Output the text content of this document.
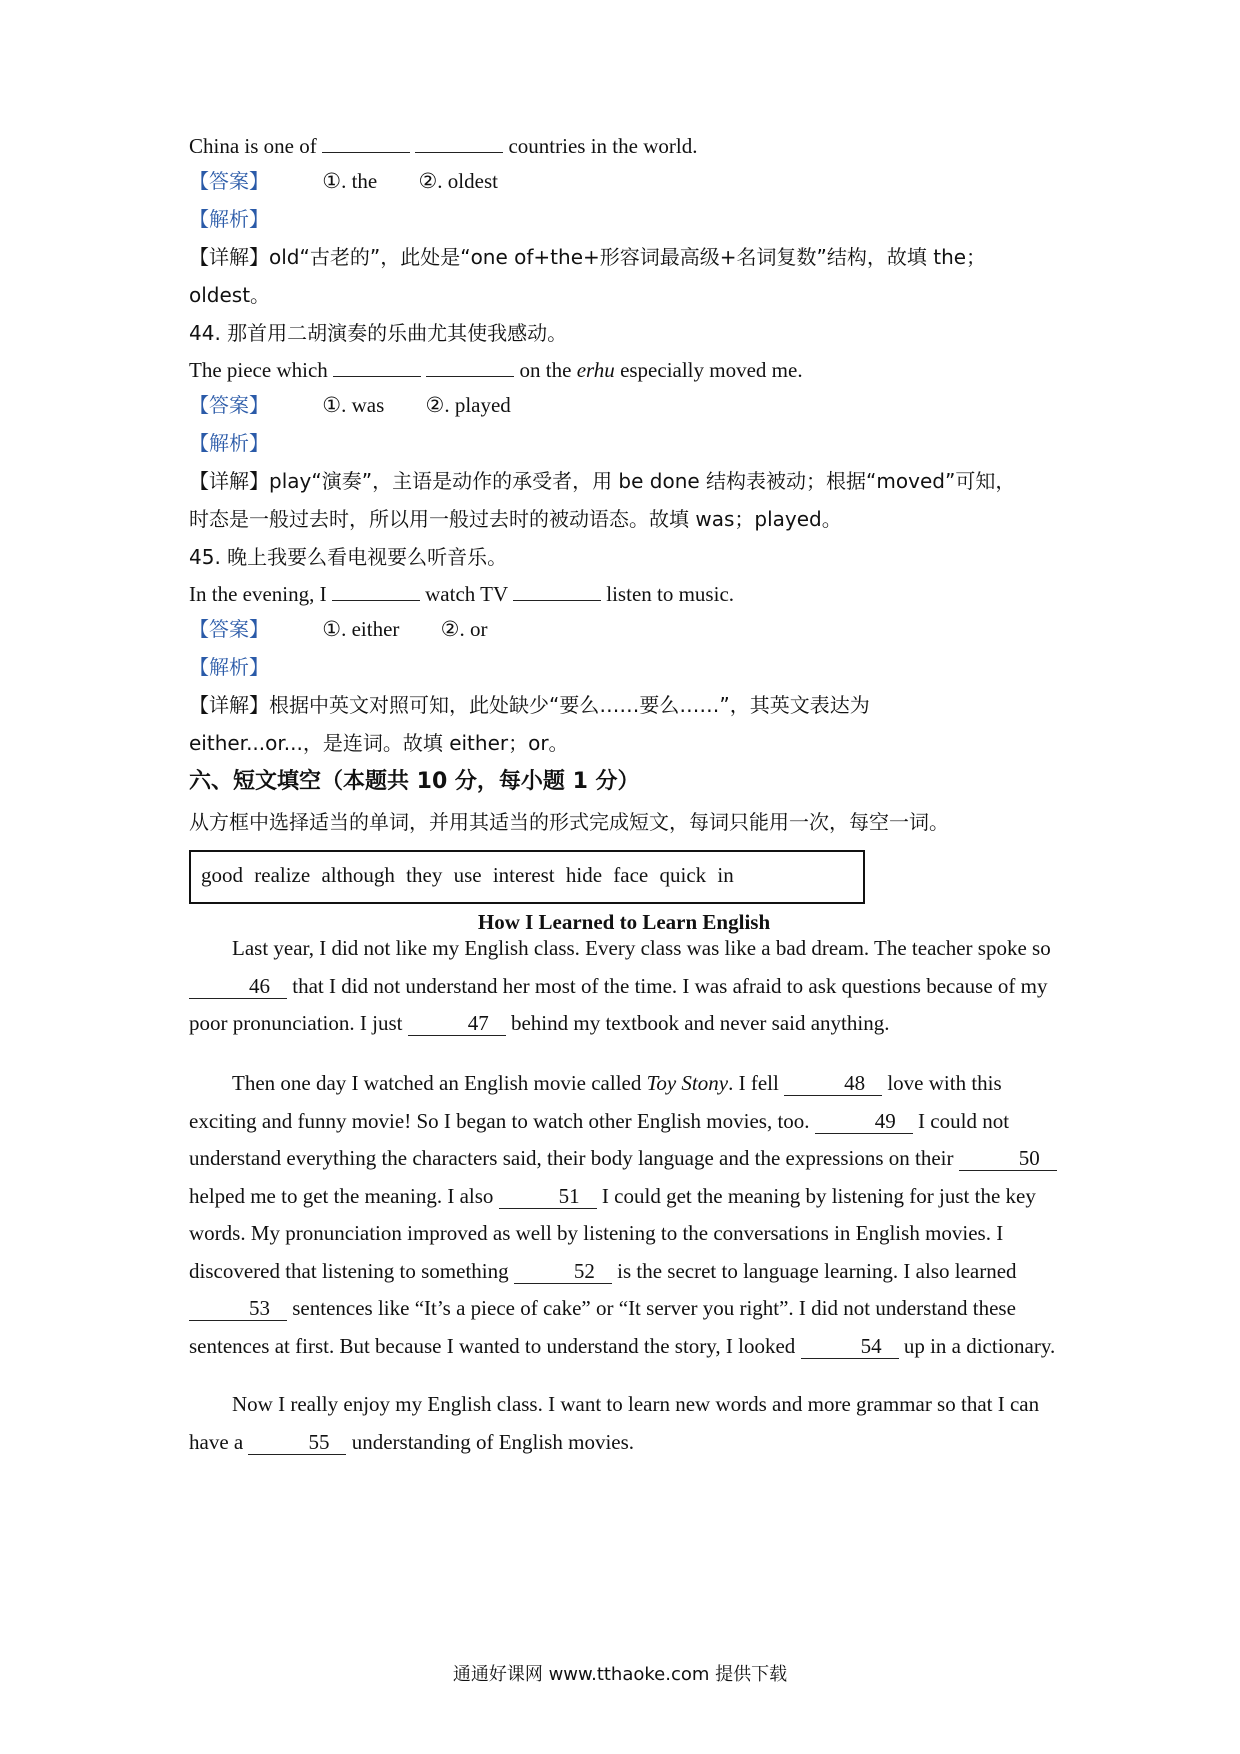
China is one of	countries in the world.
【答案】	①. the ②. oldest
【解析】
【详解】old“古老的”，此处是“one of+the+形容词最高级+名词复数”结构，故填 the；
oldest。
44. 那首用二胡演奏的乐曲尤其使我感动。
The piece which	on the erhu especially moved me.
【答案】	①. was ②. played
【解析】
【详解】play“演奏”，主语是动作的承受者，用 be done 结构表被动；根据“moved”可知，
时态是一般过去时，所以用一般过去时的被动语态。故填 was；played。
45. 晚上我要么看电视要么听音乐。
In the evening, I	watch TV	listen to music.
【答案】	①. either ②. or
【解析】
【详解】根据中英文对照可知，此处缺少“要么……要么……”，其英文表达为
either...or...，是连词。故填 either；or。
六、短文填空（本题共 10 分，每小题 1 分）
从方框中选择适当的单词，并用其适当的形式完成短文，每词只能用一次，每空一词。
good realize although they use interest hide face quick in
How I Learned to Learn English
Last year, I did not like my English class. Every class was like a bad dream. The teacher spoke so 46 that I did not understand her most of the time. I was afraid to ask questions because of my poor pronunciation. I just	47 behind my textbook and never said anything.
Then one day I watched an English movie called Toy Stony. I fell	48 love with this exciting and funny movie! So I began to watch other English movies, too.	49 I could not understand everything the characters said, their body language and the expressions on their	50 helped me to get the meaning. I also	51 I could get the meaning by listening for just the key words. My pronunciation improved as well by listening to the conversations in English movies. I discovered that listening to something	52 is the secret to language learning. I also learned 53 sentences like “It’s a piece of cake” or “It server you right”. I did not understand these sentences at first. But because I wanted to understand the story, I looked	54 up in a dictionary.
Now I really enjoy my English class. I want to learn new words and more grammar so that I can have a	55 understanding of English movies.
通通好课网 www.tthaoke.com 提供下载
